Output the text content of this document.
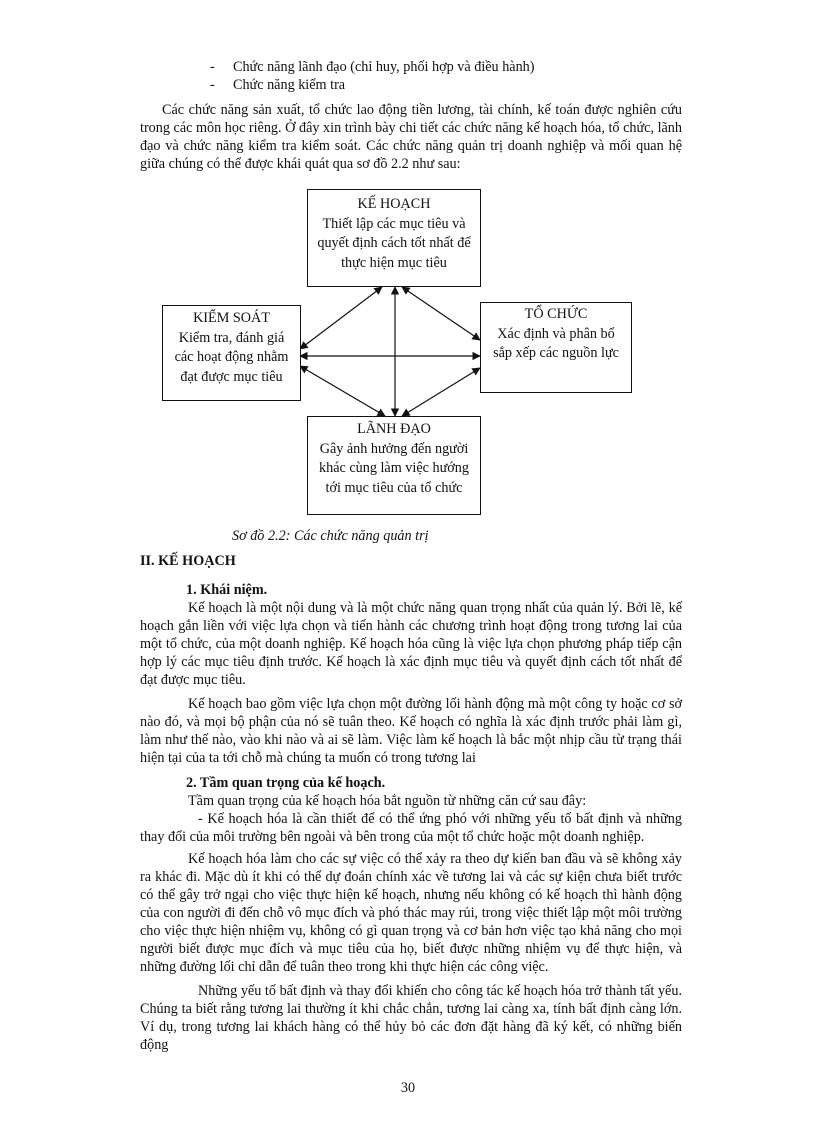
- Chức năng lãnh đạo (chỉ huy, phối hợp và điều hành)
- Chức năng kiểm tra
Các chức năng sản xuất, tổ chức lao động tiền lương, tài chính, kế toán được nghiên cứu trong các môn học riêng. Ở đây xin trình bày chi tiết các chức năng kế hoạch hóa, tổ chức, lãnh đạo và chức năng kiểm tra kiểm soát. Các chức năng quản trị doanh nghiệp và mối quan hệ giữa chúng có thể được khái quát qua sơ đồ 2.2 như sau:
KẾ HOẠCH
Thiết lập các mục tiêu và
quyết định cách tốt nhất để
thực hiện mục tiêu
KIỂM SOÁT
Kiểm tra, đánh giá
các hoạt động nhằm
đạt được mục tiêu
TỔ CHỨC
Xác định và phân bổ
sắp xếp các nguồn lực
LÃNH ĐẠO
Gây ảnh hưởng đến người
khác cùng làm việc hướng
tới mục tiêu của tổ chức
Sơ đồ 2.2: Các chức năng quản trị
II. KẾ HOẠCH
1. Khái niệm.
Kế hoạch là một nội dung và là một chức năng quan trọng nhất của quản lý. Bởi lẽ, kế hoạch gắn liền với việc lựa chọn và tiến hành các chương trình hoạt động trong tương lai của một tổ chức, của một doanh nghiệp. Kế hoạch hóa cũng là việc lựa chọn phương pháp tiếp cận hợp lý các mục tiêu định trước. Kế hoạch là xác định mục tiêu và quyết định cách tốt nhất để đạt được mục tiêu.
Kế hoạch bao gồm việc lựa chọn một đường lối hành động mà một công ty hoặc cơ sở nào đó, và mọi bộ phận của nó sẽ tuân theo. Kế hoạch có nghĩa là xác định trước phải làm gì, làm như thế nào, vào khi nào và ai sẽ làm. Việc làm kế hoạch là bắc một nhịp cầu từ trạng thái hiện tại của ta tới chỗ mà chúng ta muốn có trong tương lai
2. Tầm quan trọng của kế hoạch.
Tầm quan trọng của kế hoạch hóa bắt nguồn từ những căn cứ sau đây:
- Kế hoạch hóa là cần thiết để có thể ứng phó với những yếu tố bất định và những thay đổi của môi trường bên ngoài và bên trong của một tổ chức hoặc một doanh nghiệp.
Kế hoạch hóa làm cho các sự việc có thể xảy ra theo dự kiến ban đầu và sẽ không xảy ra khác đi. Mặc dù ít khi có thể dự đoán chính xác về tương lai và các sự kiện chưa biết trước có thể gây trở ngại cho việc thực hiện kế hoạch, nhưng nếu không có kế hoạch thì hành động của con người đi đến chỗ vô mục đích và phó thác may rủi, trong việc thiết lập một môi trường cho việc thực hiện nhiệm vụ, không có gì quan trọng và cơ bản hơn việc tạo khả năng cho mọi người biết được mục đích và mục tiêu của họ, biết được những nhiệm vụ để thực hiện, và những đường lối chỉ dẫn để tuân theo trong khi thực hiện các công việc.
Những yếu tố bất định và thay đổi khiến cho công tác kế hoạch hóa trở thành tất yếu. Chúng ta biết rằng tương lai thường ít khi chắc chắn, tương lai càng xa, tính bất định càng lớn. Ví dụ, trong tương lai khách hàng có thể hủy bỏ các đơn đặt hàng đã ký kết, có những biến động
30
